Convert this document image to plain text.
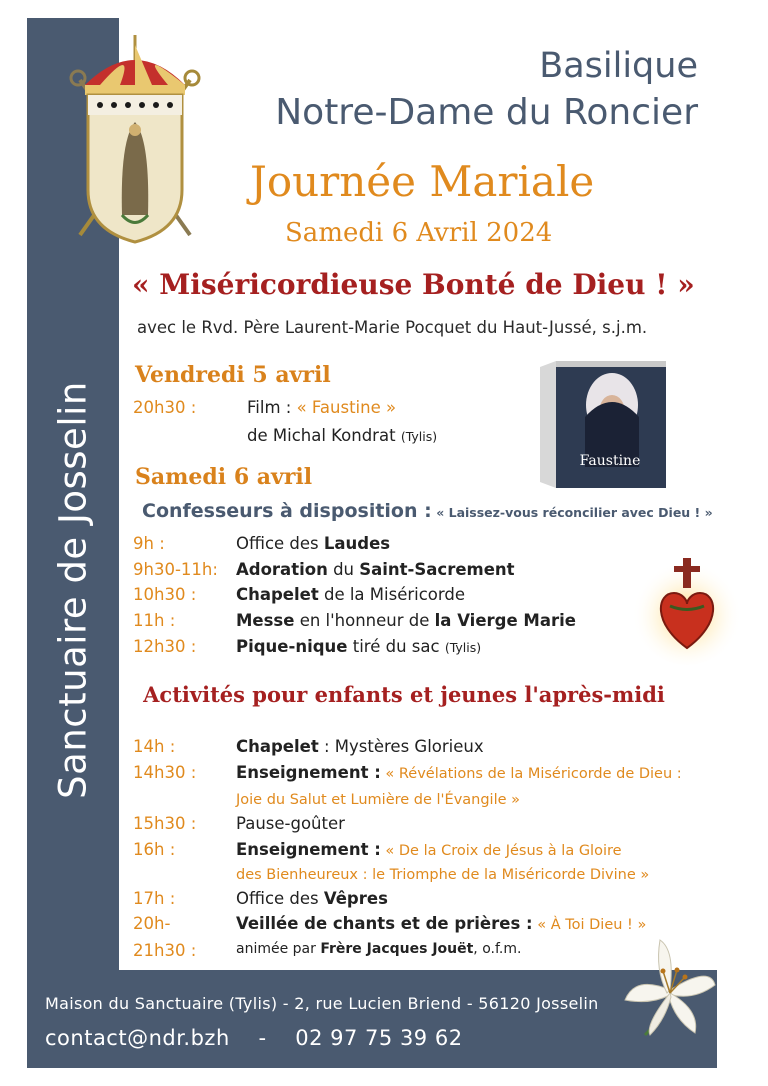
Sanctuaire de Josselin
Basilique
Notre-Dame du Roncier
Journée Mariale
Samedi 6 Avril 2024
« Miséricordieuse Bonté de Dieu ! »
avec le Rvd. Père Laurent-Marie Pocquet du Haut-Jussé, s.j.m.
Vendredi 5 avril
20h30 :	Film : « Faustine »
de Michal Kondrat (Tylis)
Faustine
Samedi 6 avril
Confesseurs à disposition : « Laissez-vous réconcilier avec Dieu ! »
9h :	Office des Laudes
9h30-11h: Adoration du Saint-Sacrement
10h30 : Chapelet de la Miséricorde
11h :	Messe en l'honneur de la Vierge Marie
12h30 : Pique-nique tiré du sac (Tylis)
Activités pour enfants et jeunes l'après-midi
14h :	Chapelet : Mystères Glorieux
14h30 : Enseignement : « Révélations de la Miséricorde de Dieu :
Joie du Salut et Lumière de l'Évangile »
15h30 : Pause-goûter
16h :	Enseignement : « De la Croix de Jésus à la Gloire
des Bienheureux : le Triomphe de la Miséricorde Divine »
17h :	Office des Vêpres
20h-	Veillée de chants et de prières : « À Toi Dieu ! »
21h30 :	animée par Frère Jacques Jouët, o.f.m.
Maison du Sanctuaire (Tylis) - 2, rue Lucien Briend - 56120 Josselin
contact@ndr.bzh    -    02 97 75 39 62
